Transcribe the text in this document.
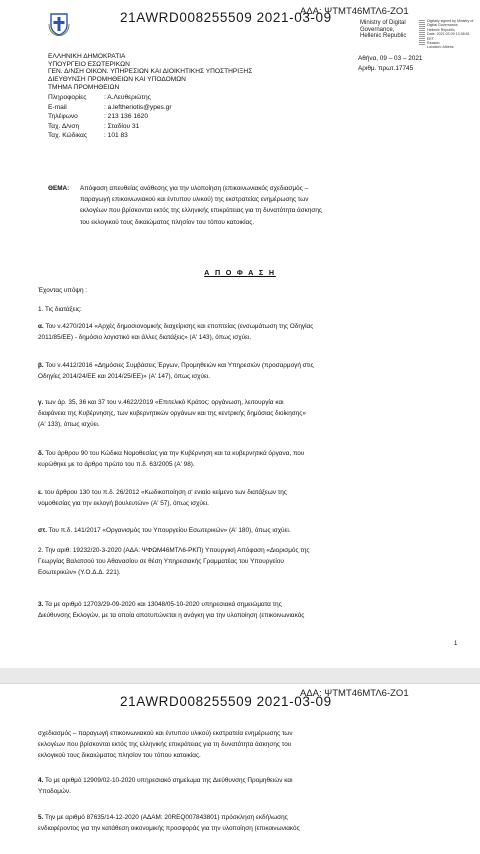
21AWRD008255509 2021-03-09
ΑΔΑ: ΨΤΜΤ46ΜΤΛ6-ΖΟ1
Ministry of Digital
Governance,
Hellenic Republic
Digitally signed by Ministry of
Digital Governance,
Hellenic Republic
Date: 2021.03.09 13:38:51
EET
Reason:
Location: Athens
ΕΛΛΗΝΙΚΗ ΔΗΜΟΚΡΑΤΙΑ
ΥΠΟΥΡΓΕΙΟ ΕΣΩΤΕΡΙΚΩΝ
ΓΕΝ. Δ/ΝΣΗ ΟΙΚΟΝ. ΥΠΗΡΕΣΙΩΝ ΚΑΙ ΔΙΟΙΚΗΤΙΚΗΣ ΥΠΟΣΤΗΡΙΞΗΣ
ΔΙΕΥΘΥΝΣΗ ΠΡΟΜΗΘΕΙΩΝ ΚΑΙ ΥΠΟΔΟΜΩΝ
ΤΜΗΜΑ ΠΡΟΜΗΘΕΙΩΝ
Αθήνα, 09 – 03 – 2021
Αριθμ. πρωτ.17745
Πληροφορίες	: Α.Λευθεριώτης
E-mail	: a.leftheriotis@ypes.gr
Τηλέφωνο	: 213 136 1620
Ταχ. Δ/νση	: Σταδίου 31
Ταχ. Κώδικας	: 101 83
ΘΕΜΑ:	Απόφαση απευθείας ανάθεσης για την υλοποίηση (επικοινωνιακός σχεδιασμός –
παραγωγή επικοινωνιακού και έντυπου υλικού) της εκστρατείας ενημέρωσης των
εκλογέων που βρίσκονται εκτός της ελληνικής επικράτειας για τη δυνατότητα άσκησης
του εκλογικού τους δικαιώματος πλησίον του τόπου κατοικίας.
Α Π Ο Φ Α Σ Η
Έχοντας υπόψη :
1. Τις διατάξεις:
α. Του ν.4270/2014 «Αρχές δημοσιονομικής διαχείρισης και εποπτείας (ενσωμάτωση της Οδηγίας
2011/85/ΕΕ) - δημόσιο λογιστικό και άλλες διατάξεις» (Α' 143), όπως ισχύει.
β. Του ν.4412/2016 «Δημόσιες Συμβάσεις Έργων, Προμηθειών και Υπηρεσιών (προσαρμογή στις
Οδηγίες 2014/24/ΕΕ και 2014/25/ΕΕ)» (Α' 147), όπως ισχύει.
γ. των άρ. 35, 36 και 37 του ν.4622/2019 «Επιτελικό Κράτος: οργάνωση, λειτουργία και
διαφάνεια της Κυβέρνησης, των κυβερνητικών οργάνων και της κεντρικής δημόσιας διοίκησης»
(Α' 133), όπως ισχύει.
δ. Του άρθρου 90 του Κώδικα Νομοθεσίας για την Κυβέρνηση και τα κυβερνητικά όργανα, που
κυρώθηκε με το άρθρο πρώτο του π.δ. 63/2005 (Α' 98).
ε. του άρθρου 130 του π.δ. 26/2012 «Κωδικοποίηση σ' ενιαίο κείμενο των διατάξεων της
νομοθεσίας για την εκλογή βουλευτών» (Α' 57), όπως ισχύει.
στ. Του π.δ. 141/2017 «Οργανισμός του Υπουργείου Εσωτερικών» (Α' 180), όπως ισχύει.
2. Την αριθ: 19232/20-3-2020 (ΑΔΑ: ΨΦΩΜ46ΜΤΛ6-ΡΚΠ) Υπουργική Απόφαση «Διορισμός της
Γεωργίας Βαλατσού του Αθανασίου σε θέση Υπηρεσιακής Γραμματέας του Υπουργείου
Εσωτερικών» (Υ.Ο.Δ.Δ. 221).
3. Τα με αριθμό 12703/29-09-2020 και 13048/05-10-2020 υπηρεσιακά σημειώματα της
Διεύθυνσης Εκλογών, με τα οποία αποτυπώνεται η ανάγκη για την υλοποίηση (επικοινωνιακός
1
21AWRD008255509 2021-03-09
ΑΔΑ: ΨΤΜΤ46ΜΤΛ6-ΖΟ1
σχεδιασμός – παραγωγή επικοινωνιακού και έντυπου υλικού) εκστρατεία ενημέρωσης των
εκλογέων που βρίσκονται εκτός της ελληνικής επικράτειας για τη δυνατότητα άσκησης του
εκλογικού τους δικαιώματος πλησίον του τόπου κατοικίας.
4. Το με αριθμό 12909/02-10-2020 υπηρεσιακό σημείωμα της Διεύθυνσης Προμηθειών και
Υποδομών.
5. Την με αριθμό 87635/14-12-2020 (ΑΔΑΜ: 20REQ007843801) πρόσκληση εκδήλωσης
ενδιαφέροντος για την κατάθεση οικονομικής προσφοράς για την υλοποίηση (επικοινωνιακός
